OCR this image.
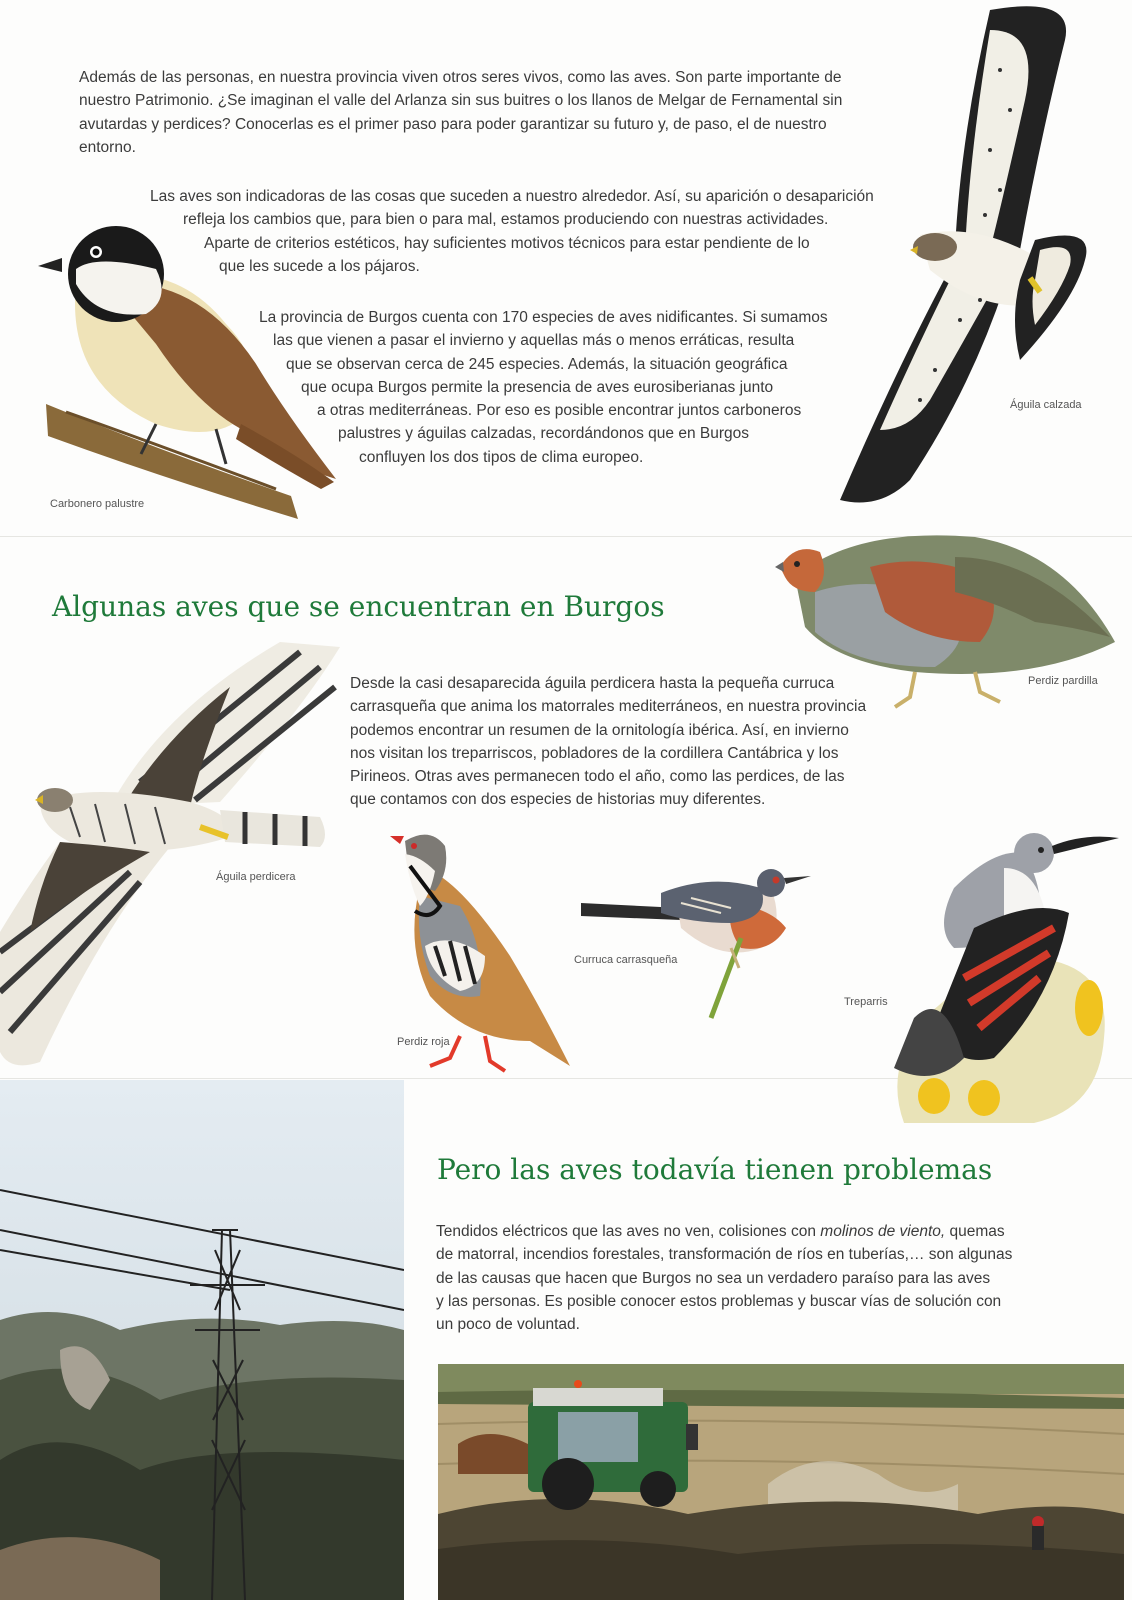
Además de las personas, en nuestra provincia viven otros seres vivos, como las aves. Son parte importante de
nuestro Patrimonio. ¿Se imaginan el valle del Arlanza sin sus buitres o los llanos de Melgar de Fernamental sin
avutardas y perdices? Conocerlas es el primer paso para poder garantizar su futuro y, de paso, el de nuestro
entorno.
Las aves son indicadoras de las cosas que suceden a nuestro alrededor. Así, su aparición o desaparición
refleja los cambios que, para bien o para mal, estamos produciendo con nuestras actividades.
Aparte de criterios estéticos, hay suficientes motivos técnicos para estar pendiente de lo
que les sucede a los pájaros.
La provincia de Burgos cuenta con 170 especies de aves nidificantes. Si sumamos
las que vienen a pasar el invierno y aquellas más o menos erráticas, resulta
que se observan cerca de 245 especies. Además, la situación geográfica
que ocupa Burgos permite la presencia de aves eurosiberianas junto
a otras mediterráneas. Por eso es posible encontrar juntos carboneros
palustres y águilas calzadas, recordándonos que en Burgos
confluyen los dos tipos de clima europeo.
Carbonero palustre
Águila calzada
Algunas aves que se encuentran en Burgos
Perdiz pardilla
Desde la casi desaparecida águila perdicera hasta la pequeña curruca
carrasqueña que anima los matorrales mediterráneos, en nuestra provincia
podemos encontrar un resumen de la ornitología ibérica. Así, en invierno
nos visitan los treparriscos, pobladores de la cordillera Cantábrica y los
Pirineos. Otras aves permanecen todo el año, como las perdices, de las
que contamos con dos especies de historias muy diferentes.
Águila perdicera
Perdiz roja
Curruca carrasqueña
Treparris
Pero las aves todavía tienen problemas
Tendidos eléctricos que las aves no ven, colisiones con molinos de viento, quemas
de matorral, incendios forestales, transformación de ríos en tuberías,… son algunas
de las causas que hacen que Burgos no sea un verdadero paraíso para las aves
y las personas. Es posible conocer estos problemas y buscar vías de solución con
un poco de voluntad.
